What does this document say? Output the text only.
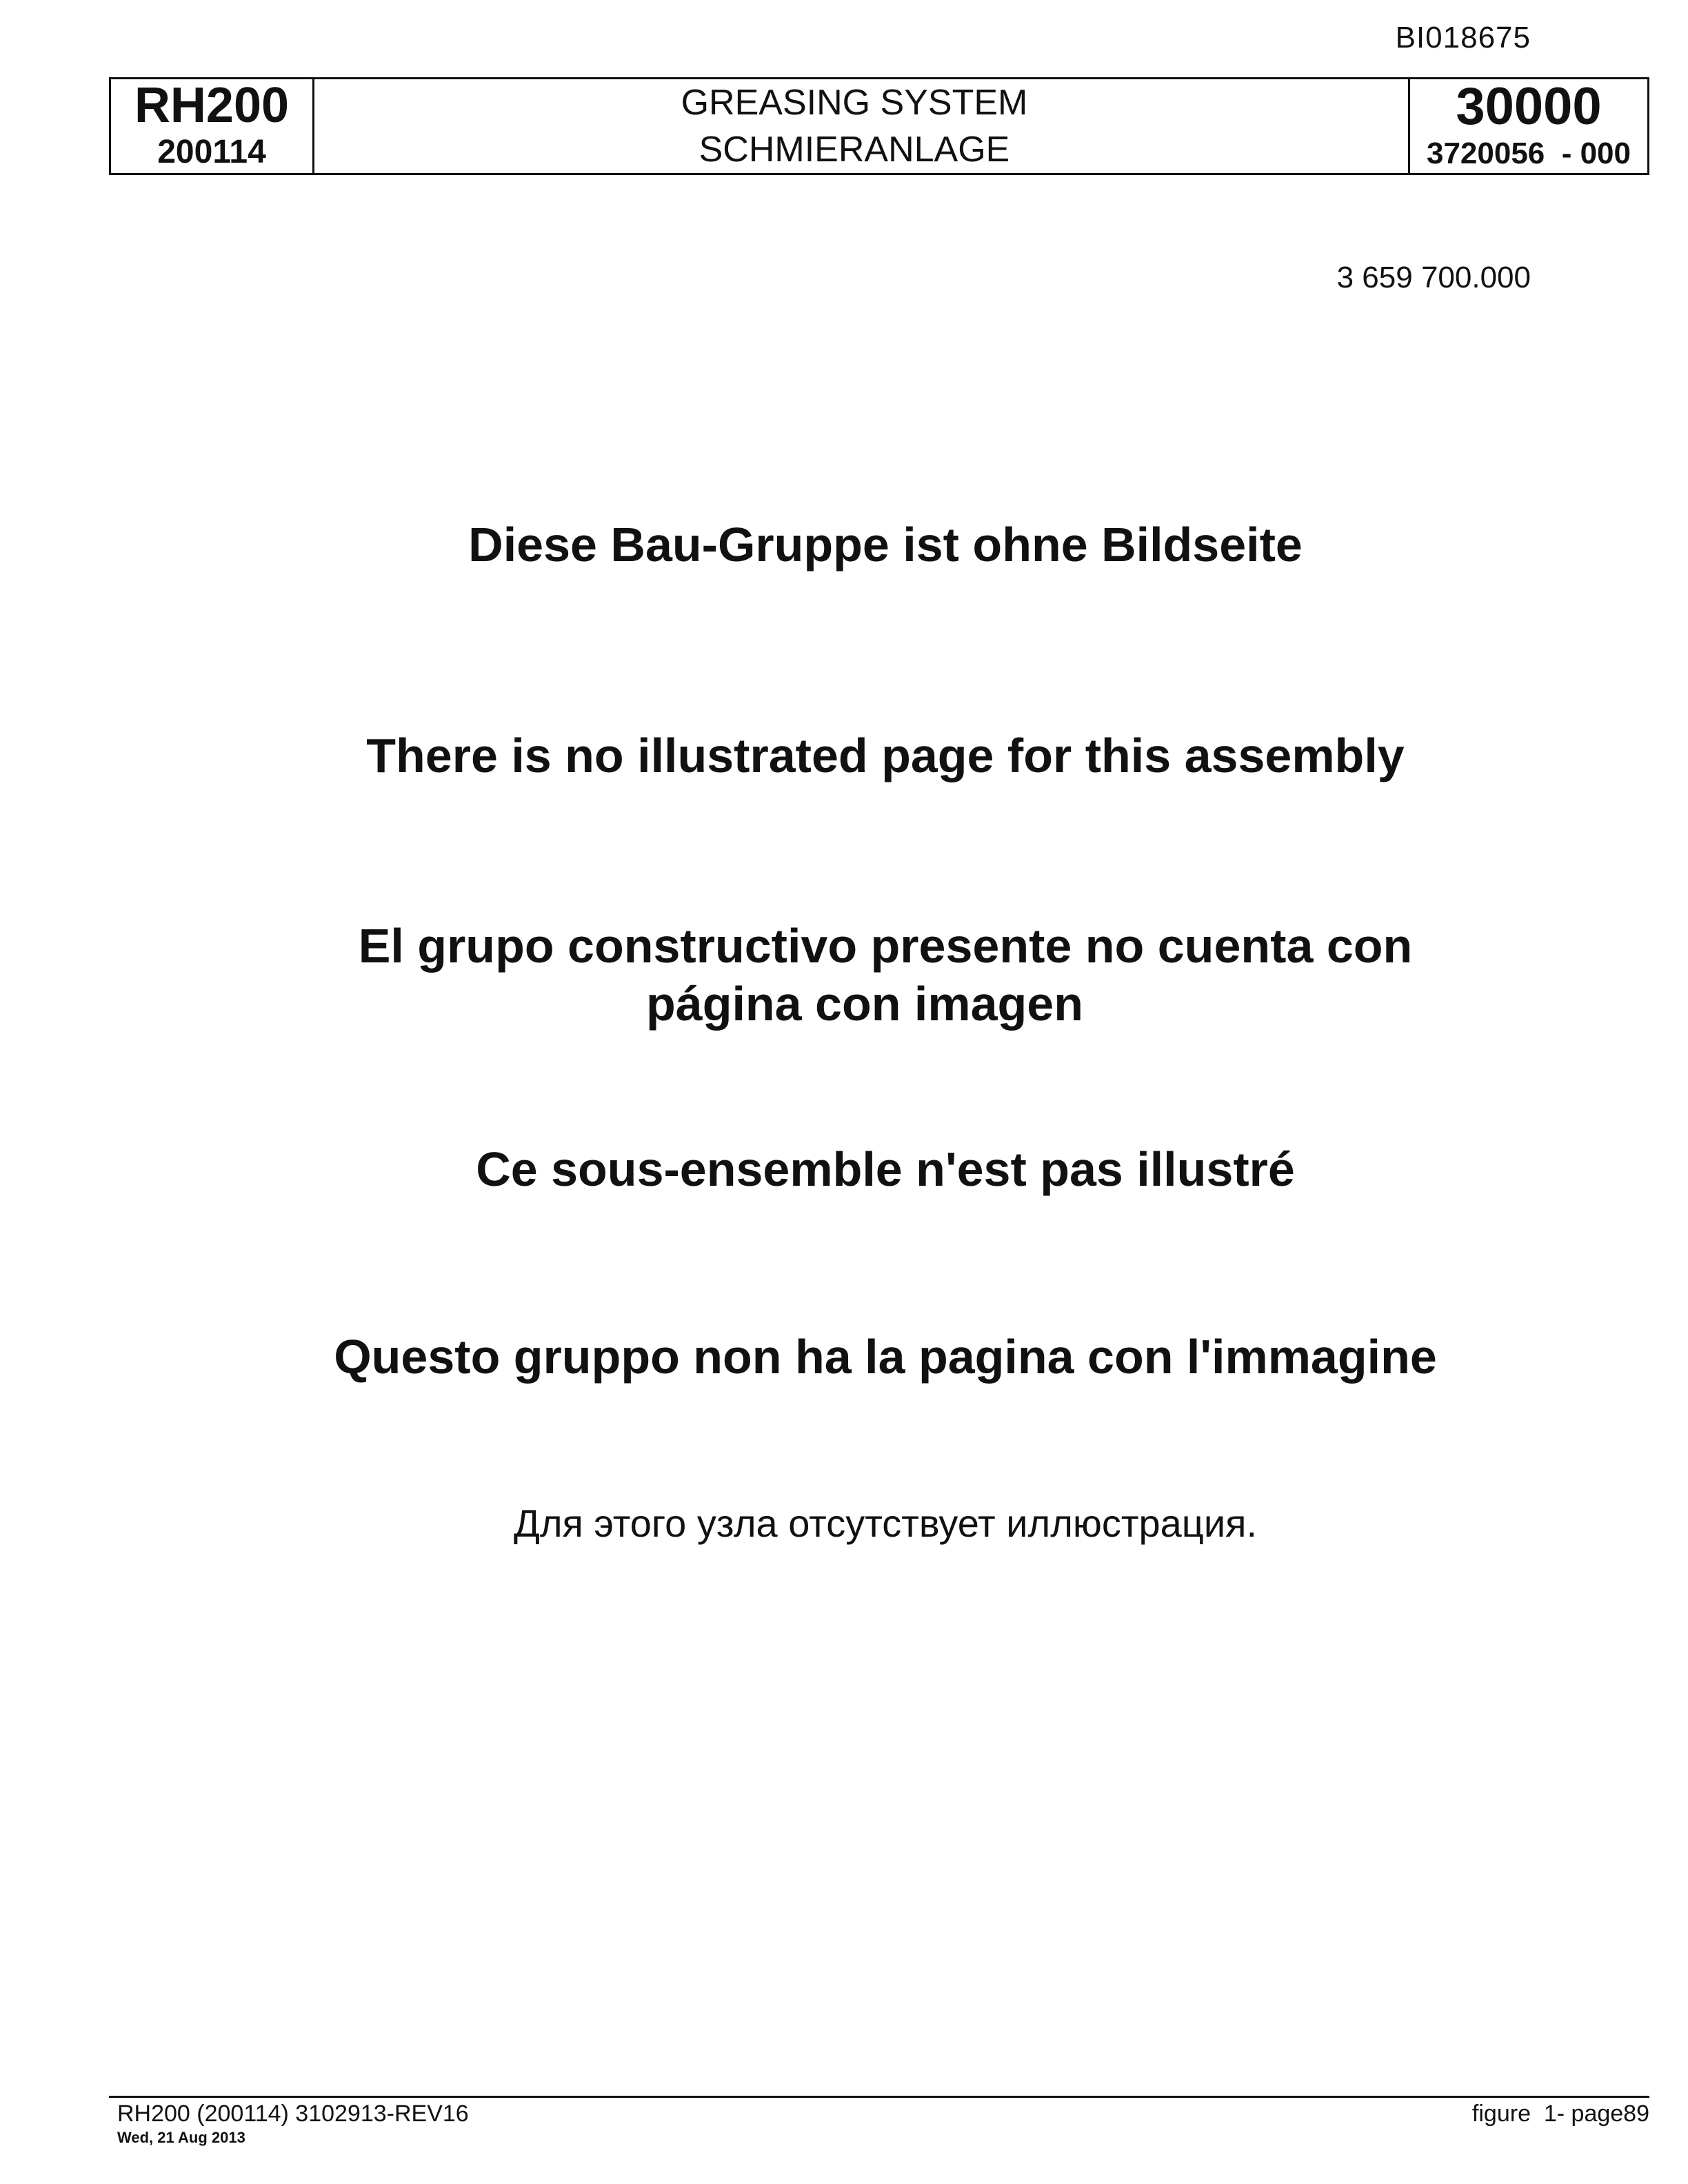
BI018675
RH200
200114
GREASING SYSTEM
SCHMIERANLAGE
30000
3720056  - 000
3 659 700.000
Diese Bau-Gruppe ist ohne Bildseite
There is no illustrated page for this assembly
El grupo constructivo presente no cuenta con
página con imagen
Ce sous-ensemble n'est pas illustré
Questo gruppo non ha la pagina con l'immagine
Для этого узла отсутствует иллюстрация.
RH200 (200114) 3102913-REV16
Wed, 21 Aug 2013
figure  1- page89
